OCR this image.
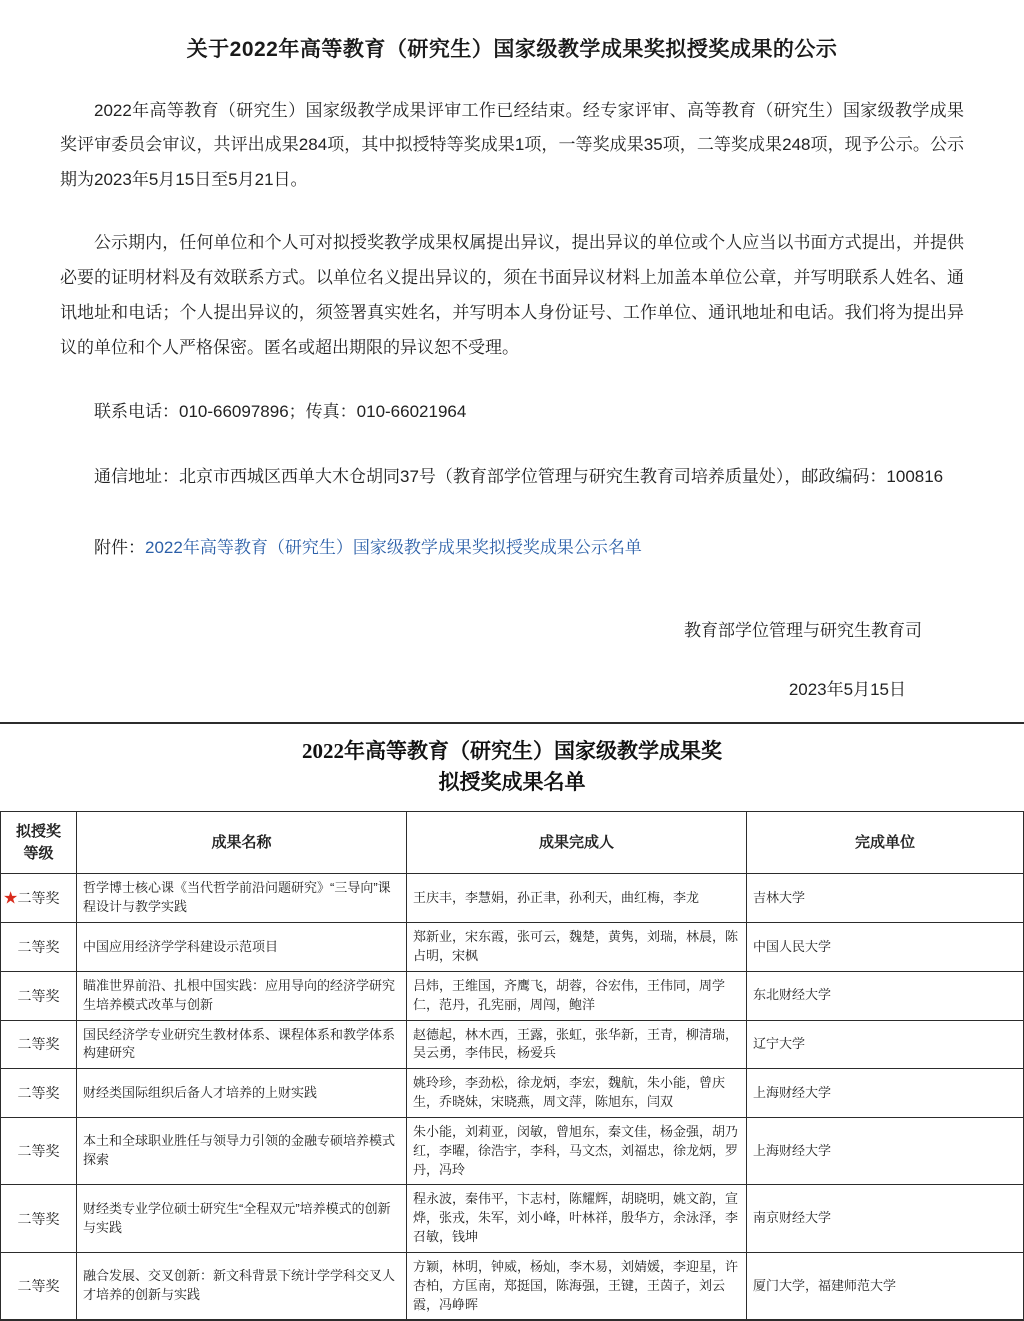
关于2022年高等教育（研究生）国家级教学成果奖拟授奖成果的公示

2022年高等教育（研究生）国家级教学成果评审工作已经结束。经专家评审、高等教育（研究生）国家级教学成果奖评审委员会审议，共评出成果284项，其中拟授特等奖成果1项，一等奖成果35项，二等奖成果248项，现予公示。公示期为2023年5月15日至5月21日。

公示期内，任何单位和个人可对拟授奖教学成果权属提出异议，提出异议的单位或个人应当以书面方式提出，并提供必要的证明材料及有效联系方式。以单位名义提出异议的，须在书面异议材料上加盖本单位公章，并写明联系人姓名、通讯地址和电话；个人提出异议的，须签署真实姓名，并写明本人身份证号、工作单位、通讯地址和电话。我们将为提出异议的单位和个人严格保密。匿名或超出期限的异议恕不受理。

联系电话：010-66097896；传真：010-66021964

通信地址：北京市西城区西单大木仓胡同37号（教育部学位管理与研究生教育司培养质量处），邮政编码：100816

附件：2022年高等教育（研究生）国家级教学成果奖拟授奖成果公示名单

教育部学位管理与研究生教育司
2023年5月15日
2022年高等教育（研究生）国家级教学成果奖
拟授奖成果名单
拟授奖
等级	成果名称	成果完成人	完成单位

★ 二等奖	哲学博士核心课《当代哲学前沿问题研究》“三导向”课程设计与教学实践	王庆丰，李慧娟，孙正聿，孙利天，曲红梅，李龙	吉林大学
二等奖	中国应用经济学学科建设示范项目	郑新业，宋东霞，张可云，魏楚，黄隽，刘瑞，林晨，陈占明，宋枫	中国人民大学
二等奖	瞄准世界前沿、扎根中国实践：应用导向的经济学研究生培养模式改革与创新	吕炜，王维国，齐鹰飞，胡蓉，谷宏伟，王伟同，周学仁，范丹，孔宪丽，周闯，鲍洋	东北财经大学
二等奖	国民经济学专业研究生教材体系、课程体系和教学体系构建研究	赵德起，林木西，王露，张虹，张华新，王青，柳清瑞，吴云勇，李伟民，杨爱兵	辽宁大学
二等奖	财经类国际组织后备人才培养的上财实践	姚玲珍，李劲松，徐龙炳，李宏，魏航，朱小能，曾庆生，乔晓妹，宋晓燕，周文萍，陈旭东，闫双	上海财经大学
二等奖	本土和全球职业胜任与领导力引领的金融专硕培养模式探索	朱小能，刘莉亚，闵敏，曾旭东，秦文佳，杨金强，胡乃红，李曜，徐浩宇，李科，马文杰，刘福忠，徐龙炳，罗丹，冯玲	上海财经大学
二等奖	财经类专业学位硕士研究生“全程双元”培养模式的创新与实践	程永波，秦伟平，卞志村，陈耀辉，胡晓明，姚文韵，宣烨，张戎，朱军，刘小峰，叶林祥，殷华方，余泳泽，李召敏，钱坤	南京财经大学
二等奖	融合发展、交叉创新：新文科背景下统计学学科交叉人才培养的创新与实践	方颖，林明，钟威，杨灿，李木易，刘婧媛，李迎星，许杏柏，方匡南，郑挺国，陈海强，王键，王茵子，刘云霞，冯峥晖	厦门大学，福建师范大学
